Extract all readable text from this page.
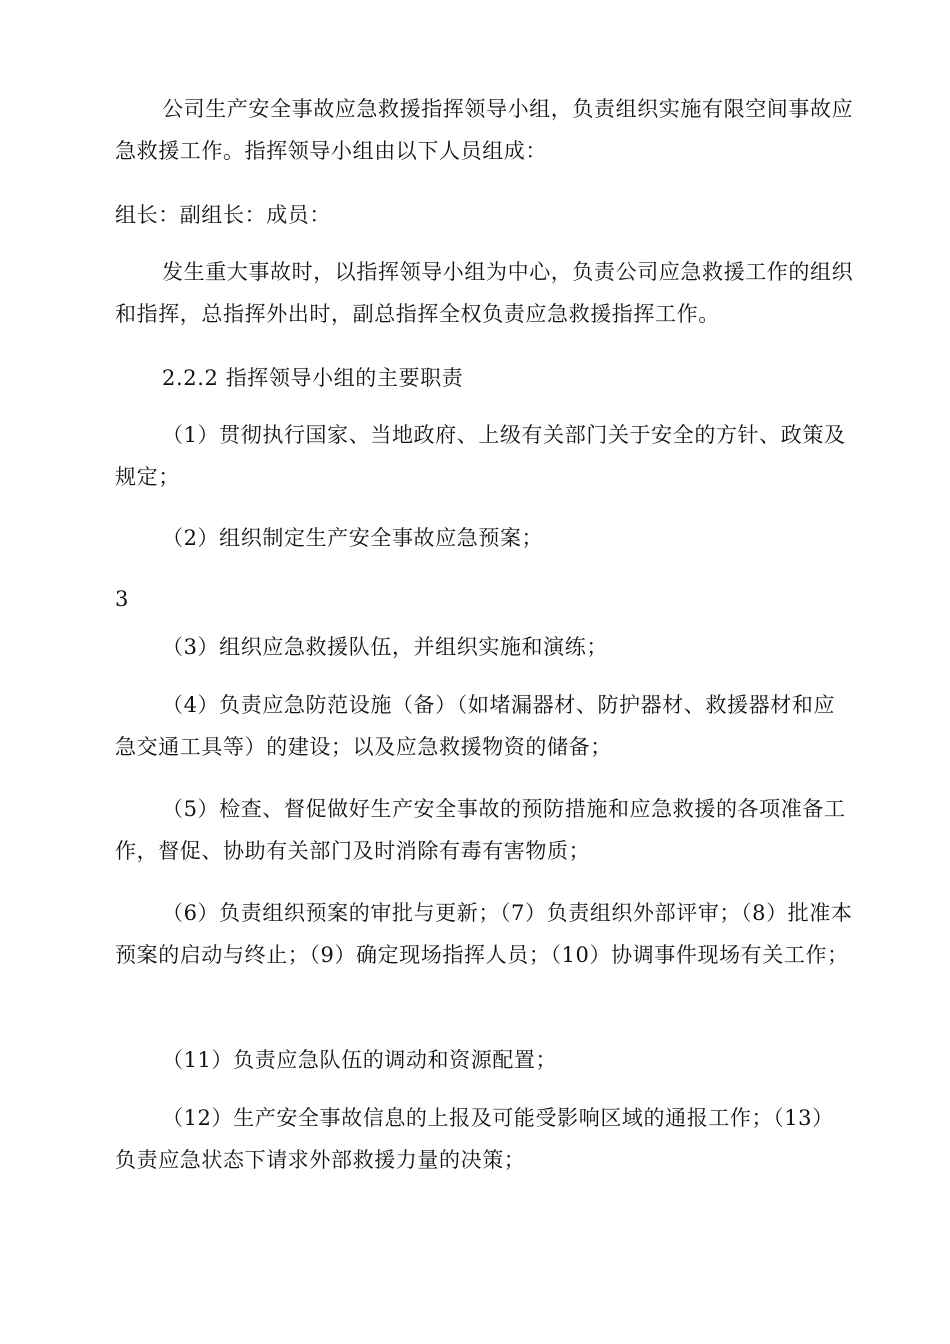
公司生产安全事故应急救援指挥领导小组，负责组织实施有限空间事故应急救援工作。指挥领导小组由以下人员组成：

组长：副组长：成员：

发生重大事故时，以指挥领导小组为中心，负责公司应急救援工作的组织和指挥，总指挥外出时，副总指挥全权负责应急救援指挥工作。

2.2.2 指挥领导小组的主要职责

（1）贯彻执行国家、当地政府、上级有关部门关于安全的方针、政策及规定；

（2）组织制定生产安全事故应急预案；

3

（3）组织应急救援队伍，并组织实施和演练；

（4）负责应急防范设施（备）（如堵漏器材、防护器材、救援器材和应急交通工具等）的建设；以及应急救援物资的储备；

（5）检查、督促做好生产安全事故的预防措施和应急救援的各项准备工作，督促、协助有关部门及时消除有毒有害物质；

（6）负责组织预案的审批与更新；（7）负责组织外部评审；（8）批准本预案的启动与终止；（9）确定现场指挥人员；（10）协调事件现场有关工作；

（11）负责应急队伍的调动和资源配置；

（12）生产安全事故信息的上报及可能受影响区域的通报工作；（13）负责应急状态下请求外部救援力量的决策；
